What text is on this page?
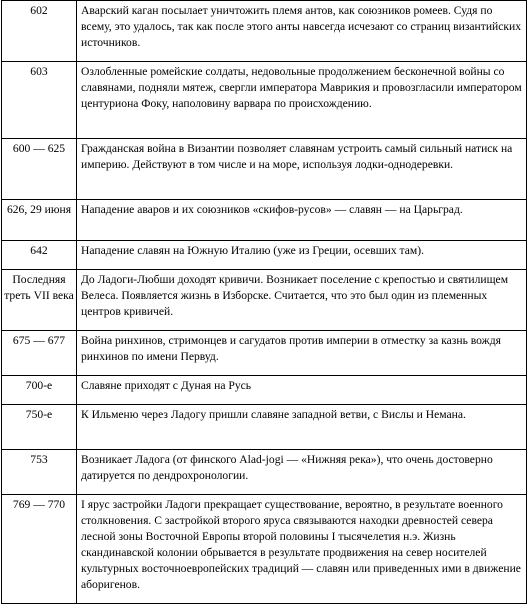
602	Аварский каган посылает уничтожить племя антов, как союзников ромеев. Судя по всему, это удалось, так как после этого анты навсегда исчезают со страниц византийских источников.
603	Озлобленные ромейские солдаты, недовольные продолжением бесконечной войны со славянами, подняли мятеж, свергли императора Маврикия и провозгласили императором центуриона Фоку, наполовину варвара по происхождению.
600 — 625	Гражданская война в Византии позволяет славянам устроить самый сильный натиск на империю. Действуют в том числе и на море, используя лодки-однодеревки.
626, 29 июня	Нападение аваров и их союзников «скифов-русов» — славян — на Царьград.
642	Нападение славян на Южную Италию (уже из Греции, осевших там).
Последняя треть VII века	До Ладоги-Любши доходят кривичи. Возникает поселение с крепостью и святилищем Велеса. Появляется жизнь в Изборске. Считается, что это был один из племенных центров кривичей.
675 — 677	Война ринхинов, стримонцев и сагудатов против империи в отместку за казнь вождя ринхинов по имени Первуд.
700-е	Славяне приходят с Дуная на Русь
750-е	К Ильменю через Ладогу пришли славяне западной ветви, с Вислы и Немана.
753	Возникает Ладога (от финского Alad-jogi — «Нижняя река»), что очень достоверно датируется по дендрохронологии.
769 — 770	I ярус застройки Ладоги прекращает существование, вероятно, в результате военного столкновения. С застройкой второго яруса связываются находки древностей севера лесной зоны Восточной Европы второй половины I тысячелетия н.э. Жизнь скандинавской колонии обрывается в результате продвижения на север носителей культурных восточноевропейских традиций — славян или приведенных ими в движение аборигенов.
